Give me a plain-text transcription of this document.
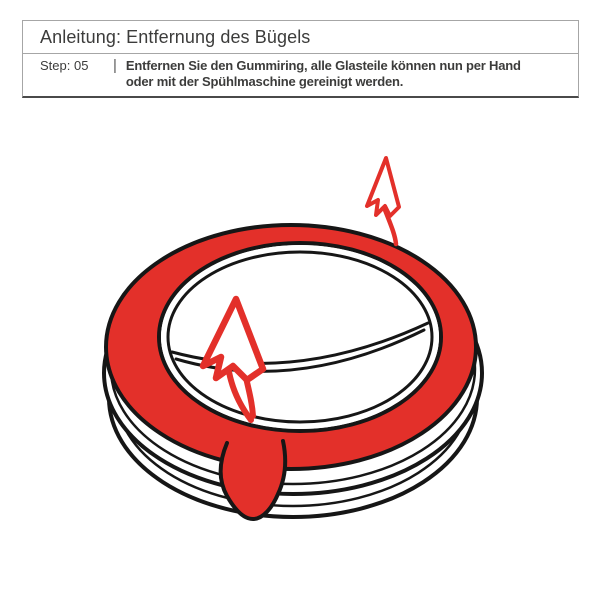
Anleitung: Entfernung des Bügels
Step: 05	| Entfernen Sie den Gummiring, alle Glasteile können nun per Hand
oder mit der Spühlmaschine gereinigt werden.
